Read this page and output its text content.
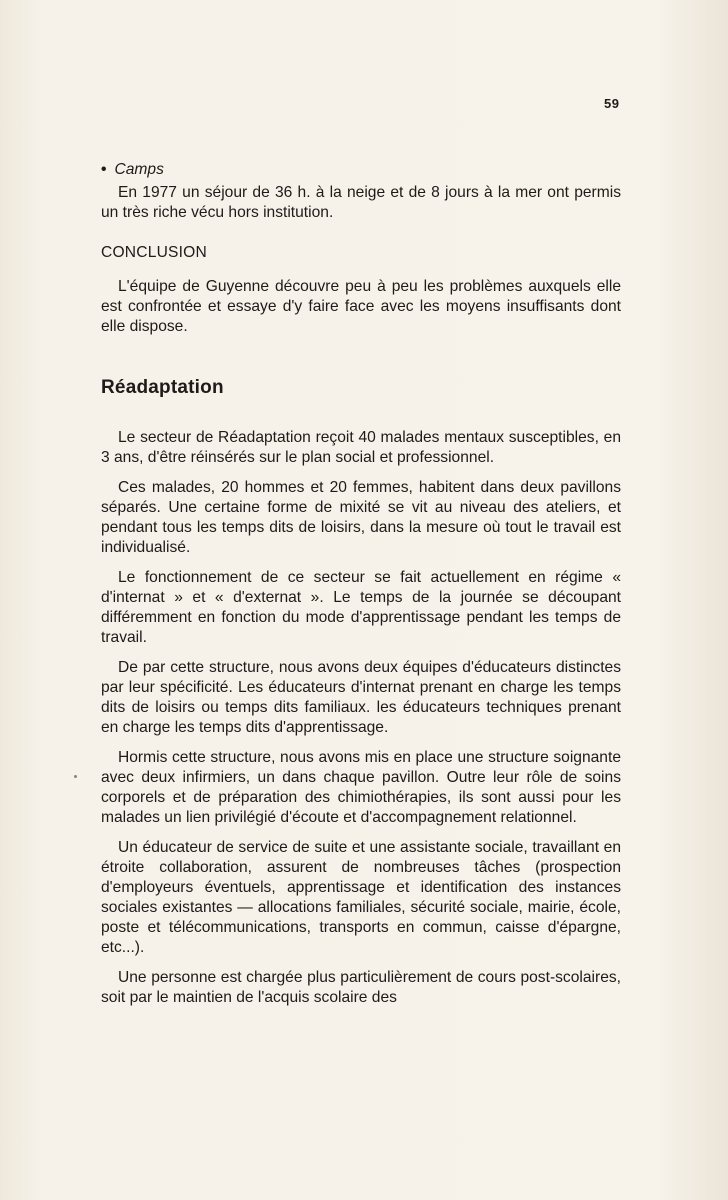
59
• Camps

En 1977 un séjour de 36 h. à la neige et de 8 jours à la mer ont permis un très riche vécu hors institution.

CONCLUSION

L'équipe de Guyenne découvre peu à peu les problèmes auxquels elle est confrontée et essaye d'y faire face avec les moyens insuffisants dont elle dispose.

Réadaptation

Le secteur de Réadaptation reçoit 40 malades mentaux susceptibles, en 3 ans, d'être réinsérés sur le plan social et professionnel.

Ces malades, 20 hommes et 20 femmes, habitent dans deux pavillons séparés. Une certaine forme de mixité se vit au niveau des ateliers, et pendant tous les temps dits de loisirs, dans la mesure où tout le travail est individualisé.

Le fonctionnement de ce secteur se fait actuellement en régime « d'internat » et « d'externat ». Le temps de la journée se découpant différemment en fonction du mode d'apprentissage pendant les temps de travail.

De par cette structure, nous avons deux équipes d'éducateurs distinctes par leur spécificité. Les éducateurs d'internat prenant en charge les temps dits de loisirs ou temps dits familiaux. les éducateurs techniques prenant en charge les temps dits d'apprentissage.

Hormis cette structure, nous avons mis en place une structure soignante avec deux infirmiers, un dans chaque pavillon. Outre leur rôle de soins corporels et de préparation des chimiothérapies, ils sont aussi pour les malades un lien privilégié d'écoute et d'accompagnement relationnel.

Un éducateur de service de suite et une assistante sociale, travaillant en étroite collaboration, assurent de nombreuses tâches (prospection d'employeurs éventuels, apprentissage et identification des instances sociales existantes — allocations familiales, sécurité sociale, mairie, école, poste et télécommunications, transports en commun, caisse d'épargne, etc...).

Une personne est chargée plus particulièrement de cours post-scolaires, soit par le maintien de l'acquis scolaire des
